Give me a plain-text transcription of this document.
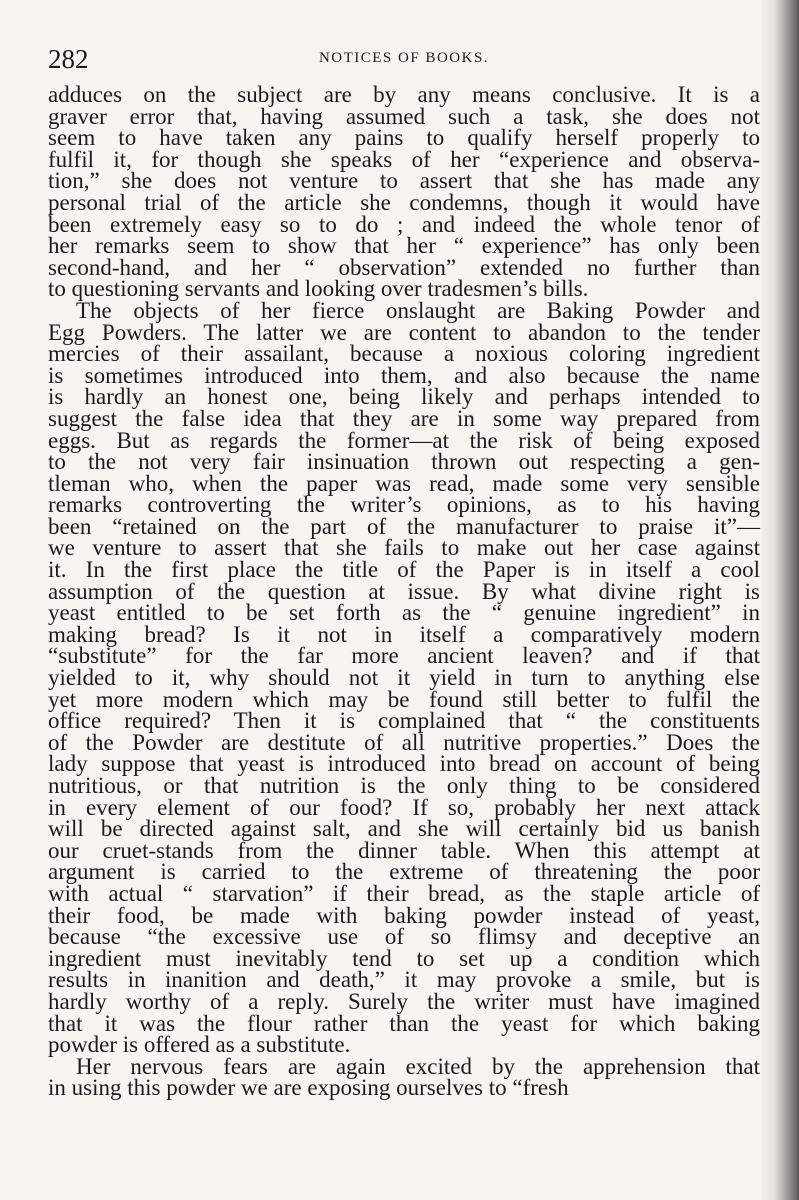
282	NOTICES OF BOOKS.
adduces on the subject are by any means conclusive. It is a
graver error that, having assumed such a task, she does not
seem to have taken any pains to qualify herself properly to
fulfil it, for though she speaks of her “experience and observa-
tion,” she does not venture to assert that she has made any
personal trial of the article she condemns, though it would have
been extremely easy so to do ; and indeed the whole tenor of
her remarks seem to show that her “ experience” has only been
second-hand, and her “ observation” extended no further than
to questioning servants and looking over tradesmen’s bills.
The objects of her fierce onslaught are Baking Powder and
Egg Powders. The latter we are content to abandon to the tender
mercies of their assailant, because a noxious coloring ingredient
is sometimes introduced into them, and also because the name
is hardly an honest one, being likely and perhaps intended to
suggest the false idea that they are in some way prepared from
eggs. But as regards the former—at the risk of being exposed
to the not very fair insinuation thrown out respecting a gen-
tleman who, when the paper was read, made some very sensible
remarks controverting the writer’s opinions, as to his having
been “retained on the part of the manufacturer to praise it”—
we venture to assert that she fails to make out her case against
it. In the first place the title of the Paper is in itself a cool
assumption of the question at issue. By what divine right is
yeast entitled to be set forth as the “ genuine ingredient” in
making bread? Is it not in itself a comparatively modern
“substitute” for the far more ancient leaven? and if that
yielded to it, why should not it yield in turn to anything else
yet more modern which may be found still better to fulfil the
office required? Then it is complained that “ the constituents
of the Powder are destitute of all nutritive properties.” Does the
lady suppose that yeast is introduced into bread on account of being
nutritious, or that nutrition is the only thing to be considered
in every element of our food? If so, probably her next attack
will be directed against salt, and she will certainly bid us banish
our cruet-stands from the dinner table. When this attempt at
argument is carried to the extreme of threatening the poor
with actual “ starvation” if their bread, as the staple article of
their food, be made with baking powder instead of yeast,
because “the excessive use of so flimsy and deceptive an
ingredient must inevitably tend to set up a condition which
results in inanition and death,” it may provoke a smile, but is
hardly worthy of a reply. Surely the writer must have imagined
that it was the flour rather than the yeast for which baking
powder is offered as a substitute.
Her nervous fears are again excited by the apprehension that
in using this powder we are exposing ourselves to “fresh
